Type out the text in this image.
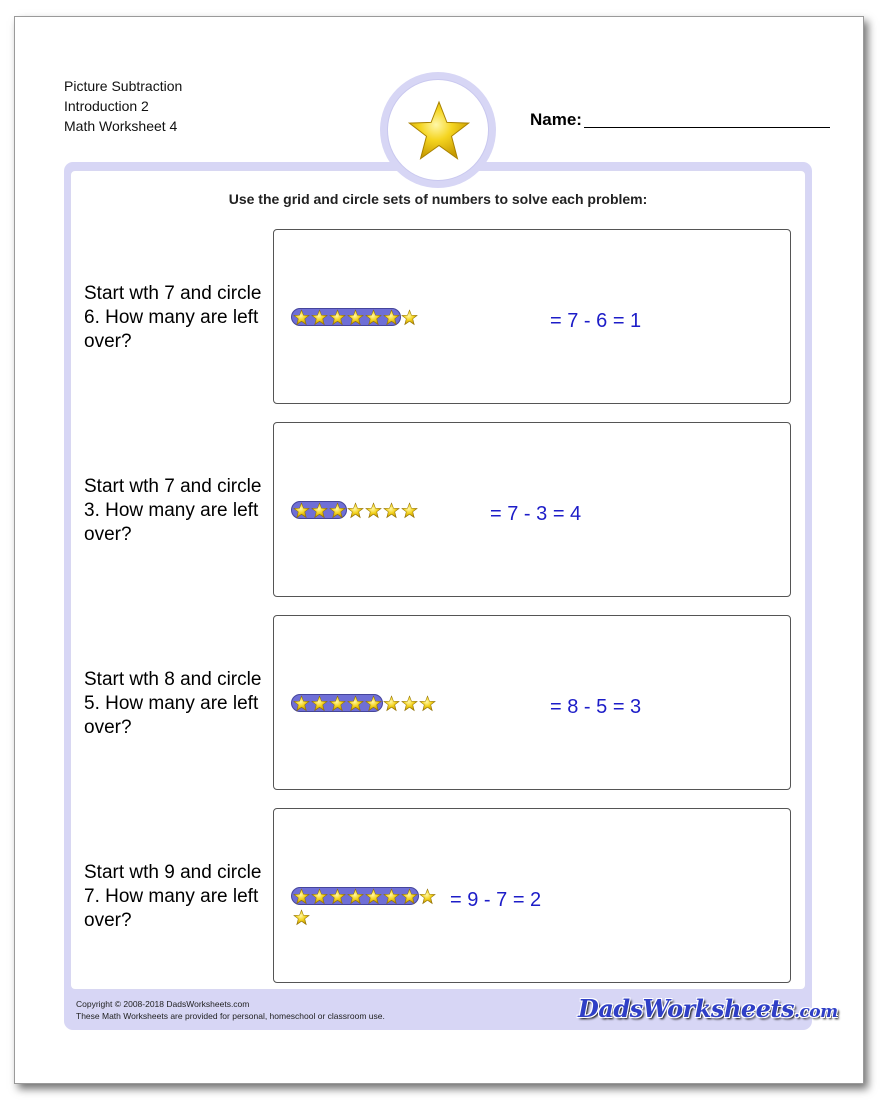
Picture Subtraction
Introduction 2
Math Worksheet 4	Name:
Use the grid and circle sets of numbers to solve each problem:
Start wth 7 and circle 6. How many are left over?
= 7 - 6 = 1
Start wth 7 and circle 3. How many are left over?
= 7 - 3 = 4
Start wth 8 and circle 5. How many are left over?
= 8 - 5 = 3
Start wth 9 and circle 7. How many are left over?
= 9 - 7 = 2
Copyright © 2008-2018 DadsWorksheets.com
These Math Worksheets are provided for personal, homeschool or classroom use.	DadsWorksheets.com
